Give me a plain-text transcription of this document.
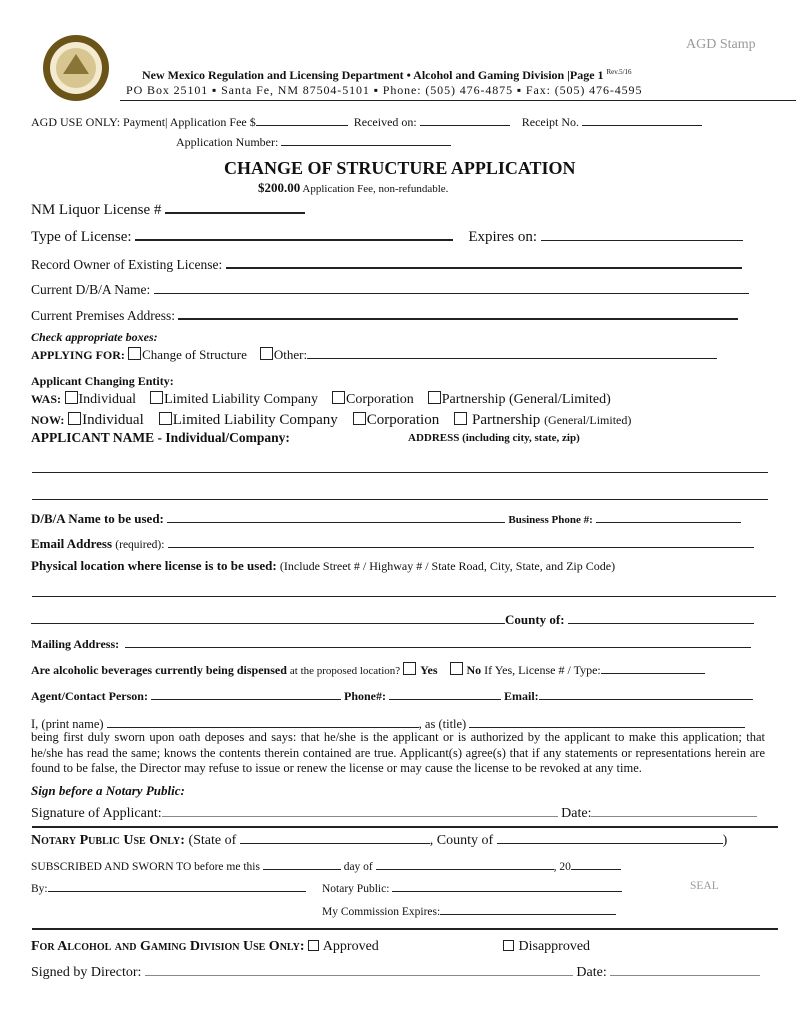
AGD Stamp
New Mexico Regulation and Licensing Department • Alcohol and Gaming Division |Page 1 $^{Rev.5/16}$
PO Box 25101 ▪ Santa Fe, NM 87504-5101 ▪ Phone: (505) 476-4875 ▪ Fax: (505) 476-4595
AGD USE ONLY: Payment| Application Fee $	Received on:	Receipt No.
Application Number:
CHANGE OF STRUCTURE APPLICATION
$200.00 Application Fee, non-refundable.
NM Liquor License #
Type of License:	Expires on:
Record Owner of Existing License:
Current D/B/A Name:
Current Premises Address:
Check appropriate boxes:
APPLYING FOR: Change of Structure Other:
Applicant Changing Entity:
WAS: Individual Limited Liability Company Corporation Partnership (General/Limited)
NOW: Individual Limited Liability Company Corporation Partnership (General/Limited)
APPLICANT NAME - Individual/Company:	ADDRESS (including city, state, zip)
D/B/A Name to be used:	Business Phone #:
Email Address (required):
Physical location where license is to be used: (Include Street # / Highway # / State Road, City, State, and Zip Code)
County of:
Mailing Address:
Are alcoholic beverages currently being dispensed at the proposed location? Yes No If Yes, License # / Type:
Agent/Contact Person:	Phone#:	Email:
I, (print name)	, as (title)
being first duly sworn upon oath deposes and says: that he/she is the applicant or is authorized by the applicant to make this application; that he/she has read the same; knows the contents therein contained are true. Applicant(s) agree(s) that if any statements or representations herein are found to be false, the Director may refuse to issue or renew the license or may cause the license to be revoked at any time.
Sign before a Notary Public:
Signature of Applicant:	Date:
Notary Public Use Only: (State of	, County of	)
SUBSCRIBED AND SWORN TO before me this	day of	, 20
By:	Notary Public:	SEAL
My Commission Expires:
For Alcohol and Gaming Division Use Only: Approved	Disapproved
Signed by Director:	Date:
